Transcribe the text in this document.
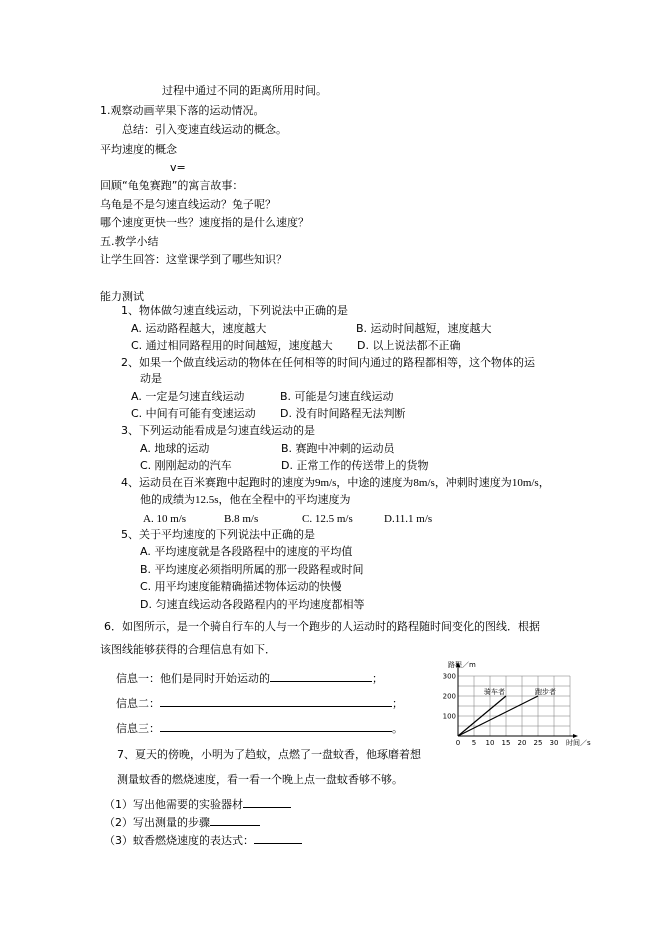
过程中通过不同的距离所用时间。
1.观察动画苹果下落的运动情况。
总结：引入变速直线运动的概念。
平均速度的概念
v=
回顾“龟兔赛跑”的寓言故事：
乌龟是不是匀速直线运动？兔子呢？
哪个速度更快一些？速度指的是什么速度？
五.教学小结
让学生回答：这堂课学到了哪些知识？
能力测试
1、物体做匀速直线运动，下列说法中正确的是
A. 运动路程越大，速度越大	B. 运动时间越短，速度越大
C. 通过相同路程用的时间越短，速度越大 D. 以上说法都不正确
2、如果一个做直线运动的物体在任何相等的时间内通过的路程都相等，这个物体的运
动是
A. 一定是匀速直线运动	B. 可能是匀速直线运动
C. 中间有可能有变速运动 D. 没有时间路程无法判断
3、下列运动能看成是匀速直线运动的是
A. 地球的运动	B. 赛跑中冲刺的运动员
C. 刚刚起动的汽车	D. 正常工作的传送带上的货物
4、运动员在百米赛跑中起跑时的速度为9m/s，中途的速度为8m/s，冲刺时速度为10m/s，
他的成绩为12.5s，他在全程中的平均速度为
A. 10 m/s	B.8 m/s	C. 12.5 m/s	D.11.1 m/s
5、关于平均速度的下列说法中正确的是
A. 平均速度就是各段路程中的速度的平均值
B. 平均速度必须指明所属的那一段路程或时间
C. 用平均速度能精确描述物体运动的快慢
D. 匀速直线运动各段路程内的平均速度都相等
6．如图所示，是一个骑自行车的人与一个跑步的人运动时的路程随时间变化的图线．根据
该图线能够获得的合理信息有如下．
信息一：他们是同时开始运动的	；
信息二：	；
信息三：	。
骑车者	跑步者
0 5 10 15 20 25 30
300
200
100
路程／m
时间／s
7、夏天的傍晚，小明为了趋蚊，点燃了一盘蚊香，他琢磨着想
测量蚊香的燃烧速度，看一看一个晚上点一盘蚊香够不够。
（1）写出他需要的实验器材
（2）写出测量的步骤
（3）蚊香燃烧速度的表达式：
